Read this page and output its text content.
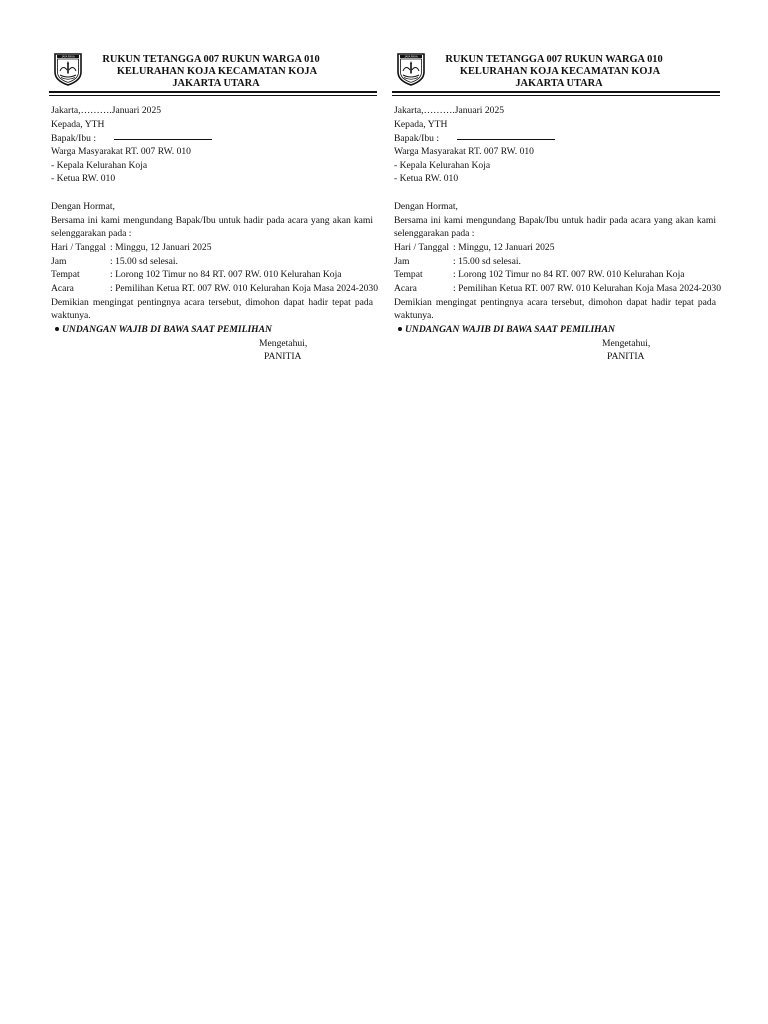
JAYA RAYA	RUKUN TETANGGA 007 RUKUN WARGA 010
KELURAHAN KOJA KECAMATAN KOJA
JAKARTA UTARA
Jakarta,……….Januari 2025
Kepada, YTH
Bapak/Ibu :
Warga Masyarakat RT. 007 RW. 010
- Kepala Kelurahan Koja
- Ketua RW. 010
Dengan Hormat,
Bersama ini kami mengundang Bapak/Ibu untuk hadir pada acara yang akan kami selenggarakan pada :
Hari / Tanggal : Minggu, 12 Januari 2025
Jam	: 15.00 sd selesai.
Tempat	: Lorong 102 Timur no 84 RT. 007 RW. 010 Kelurahan Koja
Acara	: Pemilihan Ketua RT. 007 RW. 010 Kelurahan Koja Masa 2024-2030
Demikian mengingat pentingnya acara tersebut, dimohon dapat hadir tepat pada waktunya.
UNDANGAN WAJIB DI BAWA SAAT PEMILIHAN
Mengetahui,
PANITIA
JAYA RAYA	RUKUN TETANGGA 007 RUKUN WARGA 010
KELURAHAN KOJA KECAMATAN KOJA
JAKARTA UTARA
Jakarta,……….Januari 2025
Kepada, YTH
Bapak/Ibu :
Warga Masyarakat RT. 007 RW. 010
- Kepala Kelurahan Koja
- Ketua RW. 010
Dengan Hormat,
Bersama ini kami mengundang Bapak/Ibu untuk hadir pada acara yang akan kami selenggarakan pada :
Hari / Tanggal : Minggu, 12 Januari 2025
Jam	: 15.00 sd selesai.
Tempat	: Lorong 102 Timur no 84 RT. 007 RW. 010 Kelurahan Koja
Acara	: Pemilihan Ketua RT. 007 RW. 010 Kelurahan Koja Masa 2024-2030
Demikian mengingat pentingnya acara tersebut, dimohon dapat hadir tepat pada waktunya.
UNDANGAN WAJIB DI BAWA SAAT PEMILIHAN
Mengetahui,
PANITIA
